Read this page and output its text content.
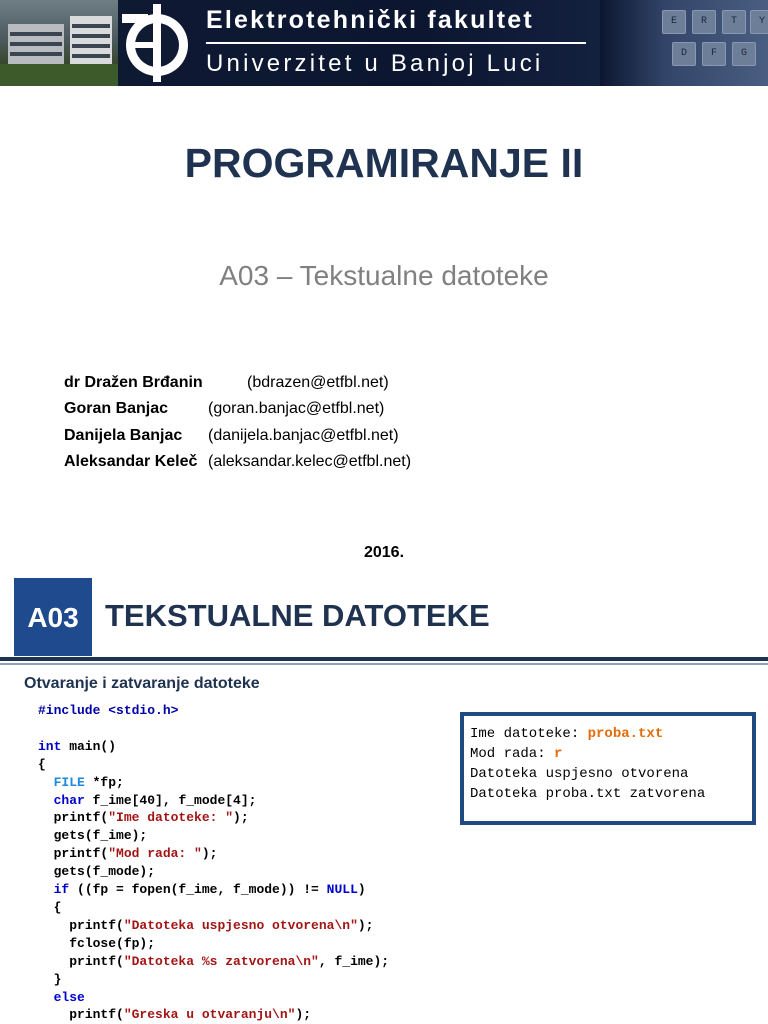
Elektrotehnički fakultet
Univerzitet u Banjoj Luci
E	R	T	Y
D	F	G
PROGRAMIRANJE II
A03 – Tekstualne datoteke
dr Dražen Brđanin	(bdrazen@etfbl.net)
Goran Banjac (goran.banjac@etfbl.net)
Danijela Banjac (danijela.banjac@etfbl.net)
Aleksandar Keleč (aleksandar.kelec@etfbl.net)
2016.
A03 TEKSTUALNE DATOTEKE
Otvaranje i zatvaranje datoteke
#include <stdio.h>

int main()
{
FILE *fp;
char f_ime[40], f_mode[4];
printf("Ime datoteke: ");
gets(f_ime);
printf("Mod rada: ");
gets(f_mode);
if ((fp = fopen(f_ime, f_mode)) != NULL)
{
printf("Datoteka uspjesno otvorena\n");
fclose(fp);
printf("Datoteka %s zatvorena\n", f_ime);
}
else
printf("Greska u otvaranju\n");
Ime datoteke: proba.txt
Mod rada: r
Datoteka uspjesno otvorena
Datoteka proba.txt zatvorena
